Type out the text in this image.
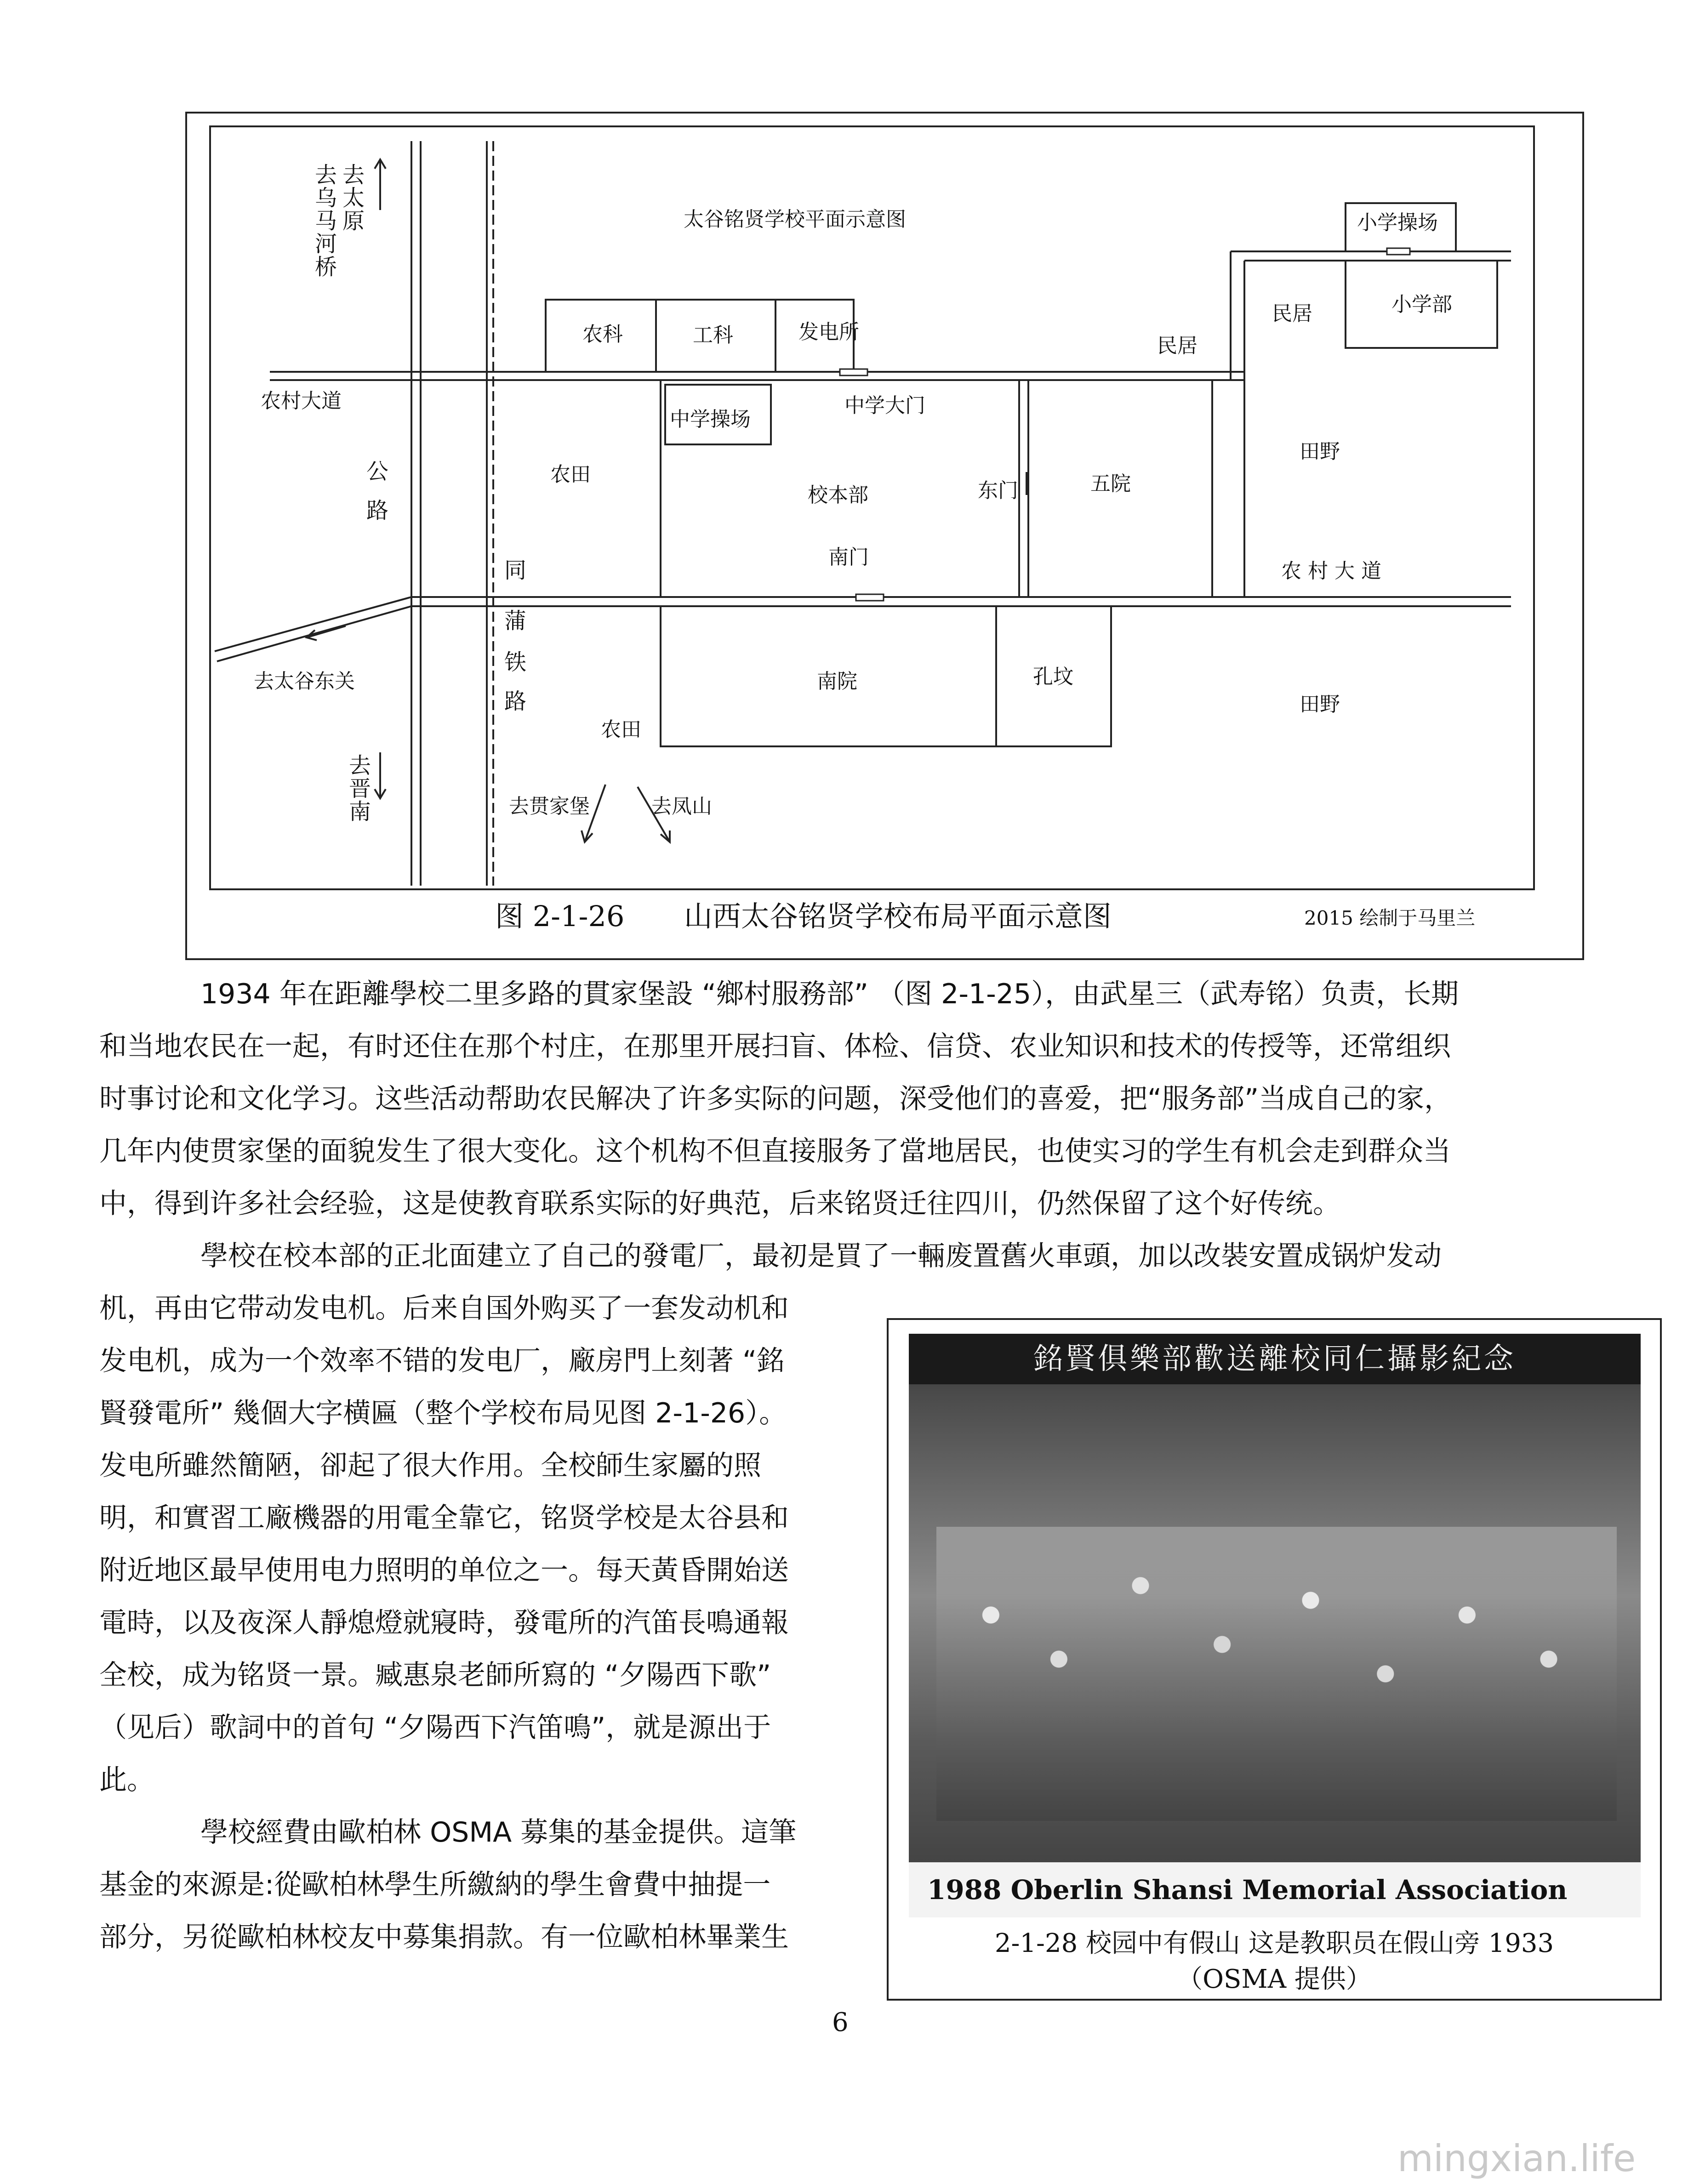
太谷铭贤学校平面示意图
去
乌
马
河
桥
去
太
原
去
晋
南
公
路
同
蒲
铁
路
农科	工科	发电所
民居
民居
小学操场
小学部
农村大道
农 村 大 道
中学操场
中学大门
农田
农田
校本部	东门	五院
田野
田野
南门
南院	孔坟
去太谷东关
去贯家堡	去凤山
图 2-1-26 山西太谷铭贤学校布局平面示意图	2015 绘制于马里兰
1934 年在距離學校二里多路的貫家堡設 “鄉村服務部” （图 2-1-25），由武星三（武寿铭）负责，长期
和当地农民在一起，有时还住在那个村庄，在那里开展扫盲、体检、信贷、农业知识和技术的传授等，还常组织
时事讨论和文化学习。这些活动帮助农民解决了许多实际的问题，深受他们的喜爱，把“服务部”当成自己的家，
几年内使贯家堡的面貌发生了很大变化。这个机构不但直接服务了當地居民，也使实习的学生有机会走到群众当
中，得到许多社会经验，这是使教育联系实际的好典范，后来铭贤迁往四川，仍然保留了这个好传统。
學校在校本部的正北面建立了自己的發電厂，最初是買了一輛废置舊火車頭，加以改裝安置成锅炉发动
机，再由它带动发电机。后来自国外购买了一套发动机和
发电机，成为一个效率不错的发电厂，廠房門上刻著 “銘
賢發電所” 幾個大字横匾（整个学校布局见图 2-1-26）。
发电所雖然簡陋，卻起了很大作用。全校師生家屬的照
明，和實習工廠機器的用電全靠它，铭贤学校是太谷县和
附近地区最早使用电力照明的单位之一。每天黃昏開始送
電時，以及夜深人靜熄燈就寢時，發電所的汽笛長鳴通報
全校，成为铭贤一景。臧惠泉老師所寫的 “夕陽西下歌”
（见后）歌詞中的首句 “夕陽西下汽笛鳴”，就是源出于
此。
學校經費由歐柏林 OSMA 募集的基金提供。這筆
基金的來源是:從歐柏林學生所繳納的學生會費中抽提一
部分，另從歐柏林校友中募集捐款。有一位歐柏林畢業生
銘賢俱樂部歡送離校同仁攝影紀念
1988 Oberlin Shansi Memorial Association
2-1-28 校园中有假山 这是教职员在假山旁 1933
（OSMA 提供）
6
mingxian.life
